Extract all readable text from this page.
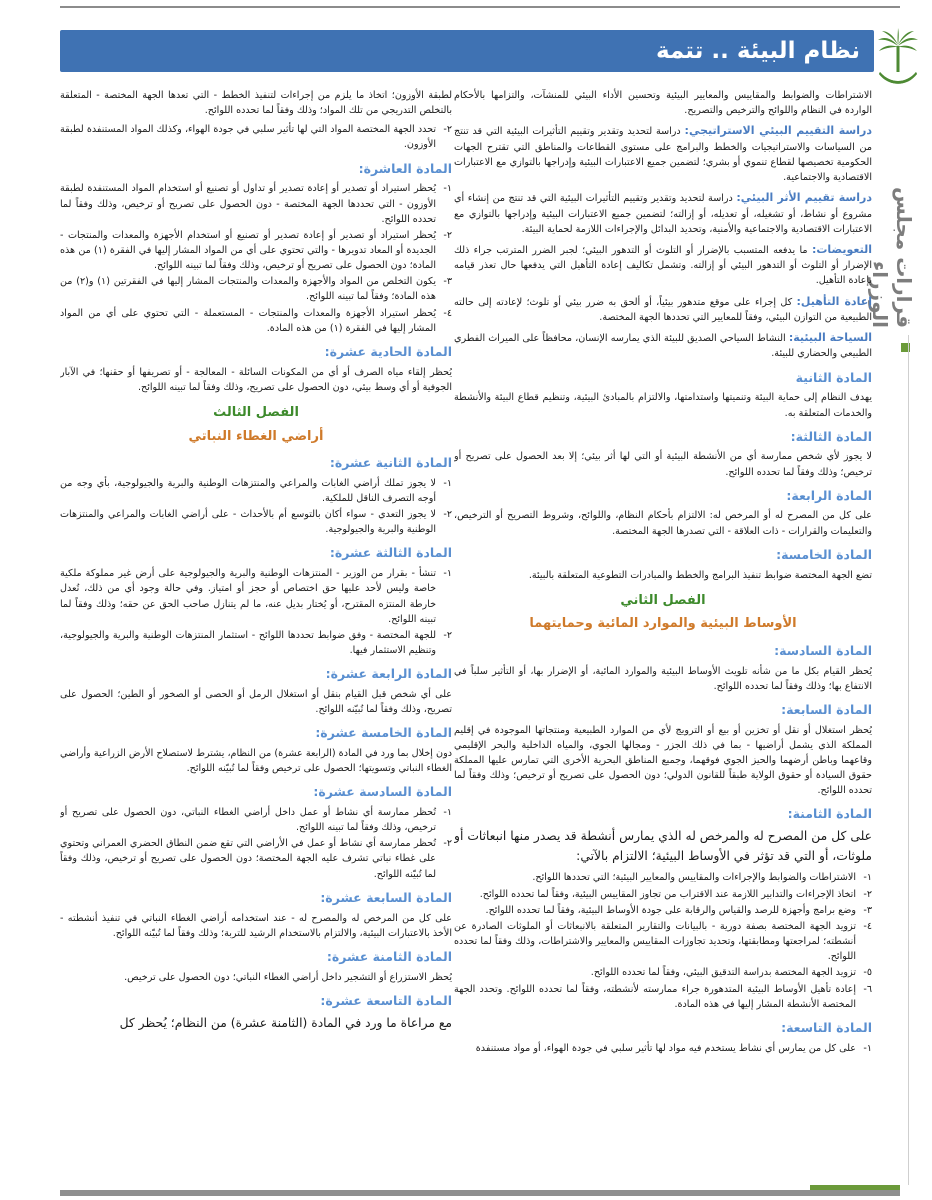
قرارات مجلس الوزراء
نظام البيئة .. تتمة

الاشتراطات والضوابط والمقاييس والمعايير البيئية وتحسين الأداء البيئي للمنشآت، والتزامها بالأحكام الواردة في النظام واللوائح والترخيص والتصريح.

دراسة التقييم البيئي الاستراتيجي: دراسة لتحديد وتقدير وتقييم التأثيرات البيئية التي قد تنتج من السياسات والاستراتيجيات والخطط والبرامج على مستوى القطاعات والمناطق التي تقترح الجهات الحكومية تخصيصها لقطاع تنموي أو بشري؛ لتضمين جميع الاعتبارات البيئية وإدراجها بالتوازي مع الاعتبارات الاقتصادية والاجتماعية.

دراسة تقييم الأثر البيئي: دراسة لتحديد وتقدير وتقييم التأثيرات البيئية التي قد تنتج من إنشاء أي مشروع أو نشاط، أو تشغيله، أو تعديله، أو إزالته؛ لتضمين جميع الاعتبارات البيئية وإدراجها بالتوازي مع الاعتبارات الاقتصادية والاجتماعية والأمنية، وتحديد البدائل والإجراءات اللازمة لحماية البيئة.

التعويضات: ما يدفعه المتسبب بالإضرار أو التلوث أو التدهور البيئي؛ لجبر الضرر المترتب جراء ذلك الإضرار أو التلوث أو التدهور البيئي أو إزالته. وتشمل تكاليف إعادة التأهيل التي يدفعها حال تعذر قيامه بإعادة التأهيل.

إعادة التأهيل: كل إجراء على موقع متدهور بيئياً، أو ألحق به ضرر بيئي أو تلوث؛ لإعادته إلى حالته الطبيعية من التوازن البيئي، وفقاً للمعايير التي تحددها الجهة المختصة.

السياحة البيئية: النشاط السياحي الصديق للبيئة الذي يمارسه الإنسان، محافظاً على الميراث الفطري الطبيعي والحضاري للبيئة.

المادة الثانية

يهدف النظام إلى حماية البيئة وتنميتها واستدامتها، والالتزام بالمبادئ البيئية، وتنظيم قطاع البيئة والأنشطة والخدمات المتعلقة به.

المادة الثالثة:

لا يجوز لأي شخص ممارسة أي من الأنشطة البيئية أو التي لها أثر بيئي؛ إلا بعد الحصول على تصريح أو ترخيص؛ وذلك وفقاً لما تحدده اللوائح.

المادة الرابعة:

على كل من المصرح له أو المرخص له: الالتزام بأحكام النظام، واللوائح، وشروط التصريح أو الترخيص، والتعليمات والقرارات - ذات العلاقة - التي تصدرها الجهة المختصة.

المادة الخامسة:

تضع الجهة المختصة ضوابط تنفيذ البرامج والخطط والمبادرات التطوعية المتعلقة بالبيئة.

الفصل الثاني
الأوساط البيئية والموارد المائية وحمايتهما
المادة السادسة:

يُحظر القيام بكل ما من شأنه تلويث الأوساط البيئية والموارد المائية، أو الإضرار بها، أو التأثير سلباً في الانتفاع بها؛ وذلك وفقاً لما تحدده اللوائح.

المادة السابعة:

يُحظر استغلال أو نقل أو تخزين أو بيع أو الترويج لأي من الموارد الطبيعية ومنتجاتها الموجودة في إقليم المملكة الذي يشمل أراضيها - بما في ذلك الجزر - ومجالها الجوي، والمياه الداخلية والبحر الإقليمي وقاعهما وباطن أرضهما والحيز الجوي فوقهما، وجميع المناطق البحرية الأخرى التي تمارس عليها المملكة حقوق السيادة أو حقوق الولاية طبقاً للقانون الدولي؛ دون الحصول على تصريح أو ترخيص؛ وذلك وفقاً لما تحدده اللوائح.

المادة الثامنة:

على كل من المصرح له والمرخص له الذي يمارس أنشطة قد يصدر منها انبعاثات أو ملوثات، أو التي قد تؤثر في الأوساط البيئية؛ الالتزام بالآتي:

١-الاشتراطات والضوابط والإجراءات والمقاييس والمعايير البيئية؛ التي تحددها اللوائح.
٢-اتخاذ الإجراءات والتدابير اللازمة عند الاقتراب من تجاوز المقاييس البيئية، وفقاً لما تحدده اللوائح.
٣-وضع برامج وأجهزة للرصد والقياس والرقابة على جودة الأوساط البيئية، وفقاً لما تحدده اللوائح.
٤-تزويد الجهة المختصة بصفة دورية - بالبيانات والتقارير المتعلقة بالانبعاثات أو الملوثات الصادرة عن أنشطته؛ لمراجعتها ومطابقتها، وتحديد تجاوزات المقاييس والمعايير والاشتراطات، وذلك وفقاً لما تحدده اللوائح.
٥-تزويد الجهة المختصة بدراسة التدقيق البيئي، وفقاً لما تحدده اللوائح.
٦-إعادة تأهيل الأوساط البيئية المتدهورة جراء ممارسته لأنشطته، وفقاً لما تحدده اللوائح. وتحدد الجهة المختصة الأنشطة المشار إليها في هذه المادة.
المادة التاسعة:
١-على كل من يمارس أي نشاط يستخدم فيه مواد لها تأثير سلبي في جودة الهواء، أو مواد مستنفدة

لطبقة الأوزون؛ اتخاذ ما يلزم من إجراءات لتنفيذ الخطط - التي تعدها الجهة المختصة - المتعلقة بالتخلص التدريجي من تلك المواد؛ وذلك وفقاً لما تحدده اللوائح.

٢-تحدد الجهة المختصة المواد التي لها تأثير سلبي في جودة الهواء، وكذلك المواد المستنفدة لطبقة الأوزون.
المادة العاشرة:
١-يُحظر استيراد أو تصدير أو إعادة تصدير أو تداول أو تصنيع أو استخدام المواد المستنفدة لطبقة الأوزون - التي تحددها الجهة المختصة - دون الحصول على تصريح أو ترخيص، وذلك وفقاً لما تحدده اللوائح.
٢-يُحظر استيراد أو تصدير أو إعادة تصدير أو تصنيع أو استخدام الأجهزة والمعدات والمنتجات - الجديدة أو المعاد تدويرها - والتي تحتوي على أي من المواد المشار إليها في الفقرة (١) من هذه المادة؛ دون الحصول على تصريح أو ترخيص، وذلك وفقاً لما تبينه اللوائح.
٣-يكون التخلص من المواد والأجهزة والمعدات والمنتجات المشار إليها في الفقرتين (١) و(٢) من هذه المادة؛ وفقاً لما تبينه اللوائح.
٤-يُحظر استيراد الأجهزة والمعدات والمنتجات - المستعملة - التي تحتوي على أي من المواد المشار إليها في الفقرة (١) من هذه المادة.
المادة الحادية عشرة:

يُحظر إلقاء مياه الصرف أو أي من المكونات السائلة - المعالجة - أو تصريفها أو حقنها؛ في الآبار الجوفية أو أي وسط بيئي، دون الحصول على تصريح، وذلك وفقاً لما تبينه اللوائح.

الفصل الثالث
أراضي الغطاء النباتي
المادة الثانية عشرة:
١-لا يجوز تملك أراضي الغابات والمراعي والمنتزهات الوطنية والبرية والجيولوجية، بأي وجه من أوجه التصرف الناقل للملكية.
٢-لا يجوز التعدي - سواء أكان بالتوسع أم بالأحداث - على أراضي الغابات والمراعي والمنتزهات الوطنية والبرية والجيولوجية.
المادة الثالثة عشرة:
١-تنشأ - بقرار من الوزير - المنتزهات الوطنية والبرية والجيولوجية على أرض غير مملوكة ملكية خاصة وليس لأحد عليها حق اختصاص أو حجز أو امتياز. وفي حالة وجود أي من ذلك، تُعدل خارطة المنتزه المقترح، أو يُختار بديل عنه، ما لم يتنازل صاحب الحق عن حقه؛ وذلك وفقاً لما تبينه اللوائح.
٢-للجهة المختصة - وفق ضوابط تحددها اللوائح - استثمار المنتزهات الوطنية والبرية والجيولوجية، وتنظيم الاستثمار فيها.
المادة الرابعة عشرة:

على أي شخص قبل القيام بنقل أو استغلال الرمل أو الحصى أو الصخور أو الطين؛ الحصول على تصريح، وذلك وفقاً لما تُبيّنه اللوائح.

المادة الخامسة عشرة:

دون إخلال بما ورد في المادة (الرابعة عشرة) من النظام، يشترط لاستصلاح الأرض الزراعية وأراضي الغطاء النباتي وتسويتها؛ الحصول على ترخيص وفقاً لما تُبيّنه اللوائح.

المادة السادسة عشرة:
١-تُحظر ممارسة أي نشاط أو عمل داخل أراضي الغطاء النباتي، دون الحصول على تصريح أو ترخيص، وذلك وفقاً لما تبينه اللوائح.
٢-تُحظر ممارسة أي نشاط أو عمل في الأراضي التي تقع ضمن النطاق الحضري العمراني وتحتوي على غطاء نباتي تشرف عليه الجهة المختصة؛ دون الحصول على تصريح أو ترخيص، وذلك وفقاً لما تُبيّنه اللوائح.
المادة السابعة عشرة:

على كل من المرخص له والمصرح له - عند استخدامه أراضي الغطاء النباتي في تنفيذ أنشطته - الأخذ بالاعتبارات البيئية، والالتزام بالاستخدام الرشيد للتربة؛ وذلك وفقاً لما تُبيّنه اللوائح.

المادة الثامنة عشرة:

يُحظر الاستزراع أو التشجير داخل أراضي الغطاء النباتي؛ دون الحصول على ترخيص.

المادة التاسعة عشرة:

مع مراعاة ما ورد في المادة (الثامنة عشرة) من النظام؛ يُحظر كل
